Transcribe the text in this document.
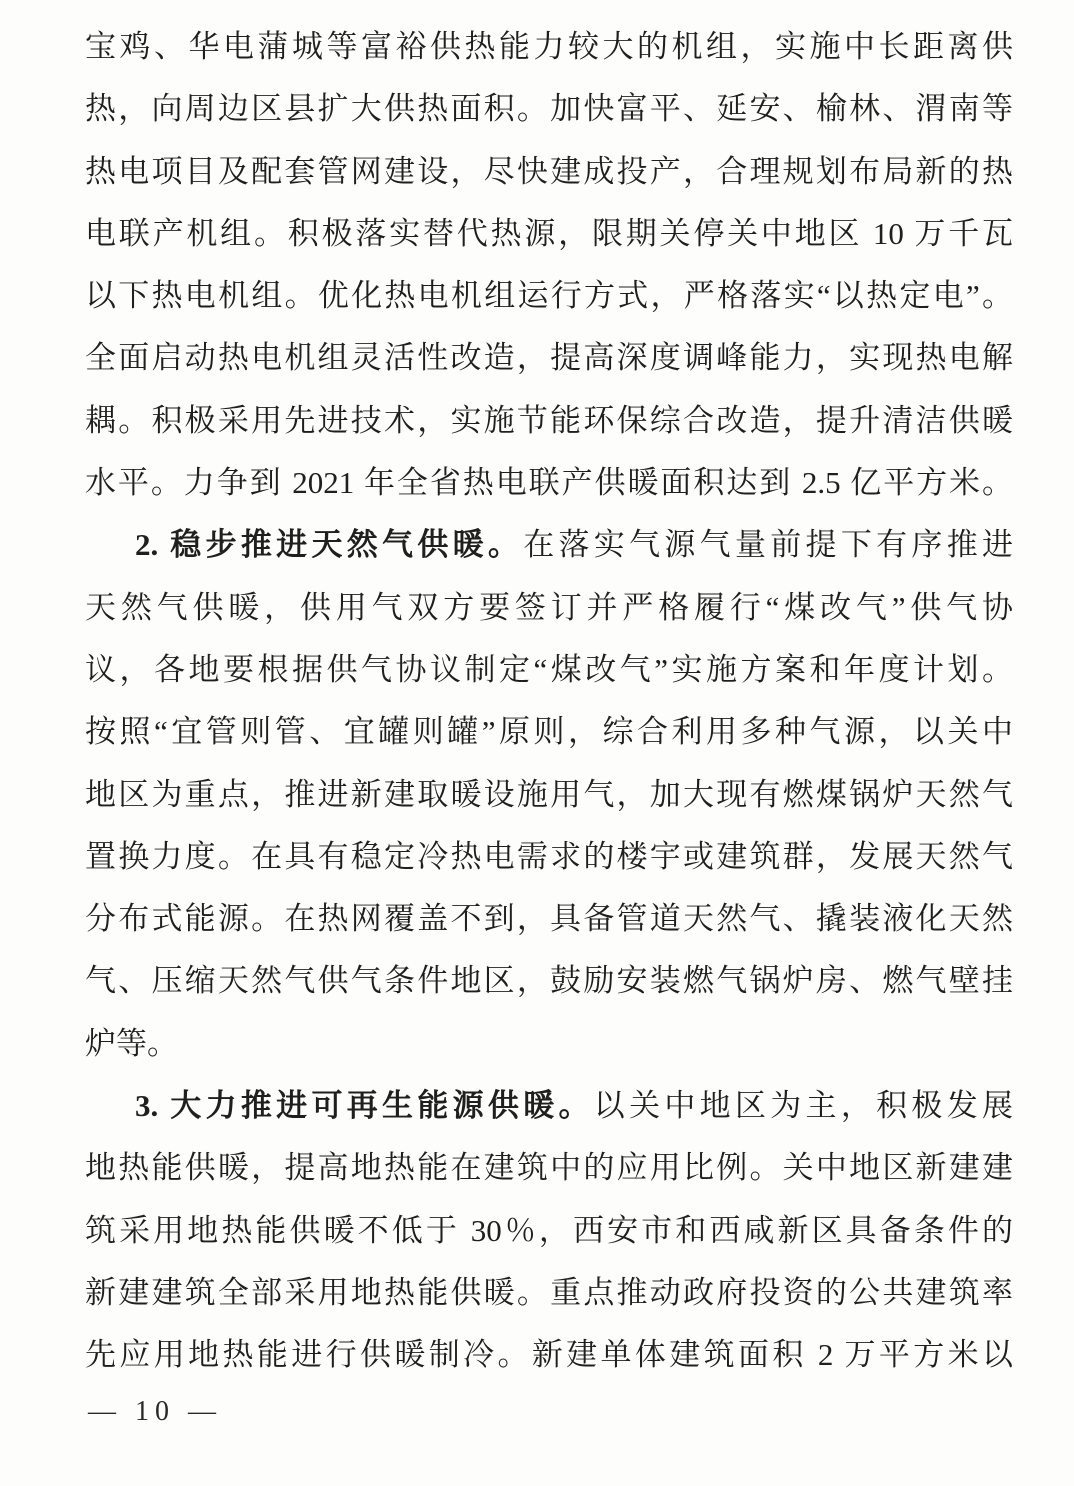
宝鸡、华电蒲城等富裕供热能力较大的机组，实施中长距离供
热，向周边区县扩大供热面积。加快富平、延安、榆林、渭南等
热电项目及配套管网建设，尽快建成投产，合理规划布局新的热
电联产机组。积极落实替代热源，限期关停关中地区 10 万千瓦
以下热电机组。优化热电机组运行方式，严格落实“以热定电”。
全面启动热电机组灵活性改造，提高深度调峰能力，实现热电解
耦。积极采用先进技术，实施节能环保综合改造，提升清洁供暖
水平。力争到 2021 年全省热电联产供暖面积达到 2.5 亿平方米。
2. 稳步推进天然气供暖。在落实气源气量前提下有序推进
天然气供暖，供用气双方要签订并严格履行“煤改气”供气协
议，各地要根据供气协议制定“煤改气”实施方案和年度计划。
按照“宜管则管、宜罐则罐”原则，综合利用多种气源，以关中
地区为重点，推进新建取暖设施用气，加大现有燃煤锅炉天然气
置换力度。在具有稳定冷热电需求的楼宇或建筑群，发展天然气
分布式能源。在热网覆盖不到，具备管道天然气、撬装液化天然
气、压缩天然气供气条件地区，鼓励安装燃气锅炉房、燃气壁挂
炉等。
3. 大力推进可再生能源供暖。以关中地区为主，积极发展
地热能供暖，提高地热能在建筑中的应用比例。关中地区新建建
筑采用地热能供暖不低于 30％，西安市和西咸新区具备条件的
新建建筑全部采用地热能供暖。重点推动政府投资的公共建筑率
先应用地热能进行供暖制冷。新建单体建筑面积 2 万平方米以
— 10 —
